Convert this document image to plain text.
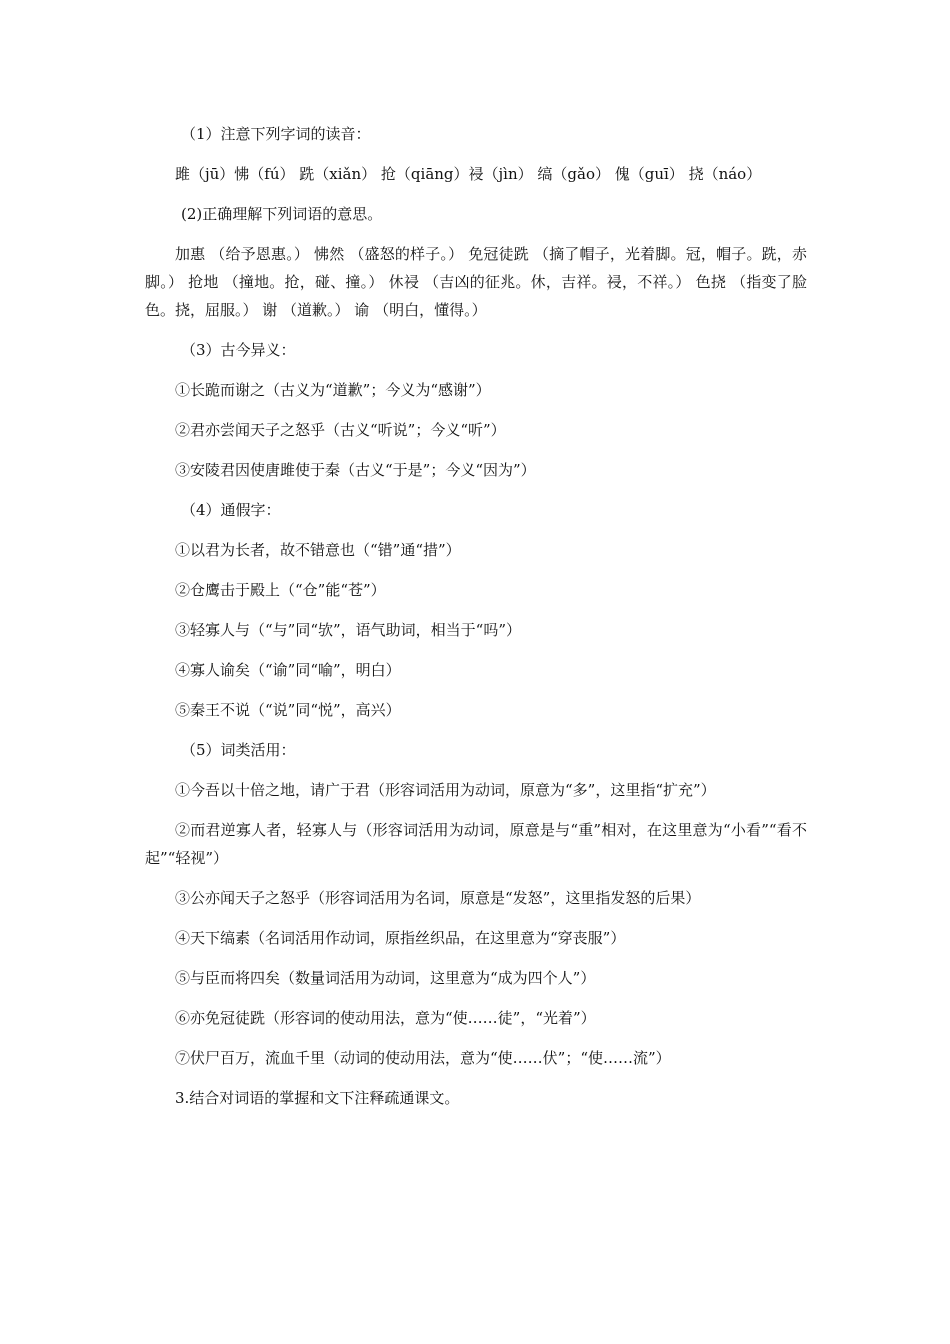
（1）注意下列字词的读音：

雎（jū）怫（fú） 跣（xiǎn） 抢（qiāng）祲（jìn） 缟（gǎo） 傀（guī） 挠（náo）

(2)正确理解下列词语的意思。

加惠 （给予恩惠。） 怫然 （盛怒的样子。） 免冠徒跣 （摘了帽子，光着脚。冠，帽子。跣，赤脚。） 抢地 （撞地。抢，碰、撞。） 休祲 （吉凶的征兆。休，吉祥。祲，不祥。） 色挠 （指变了脸色。挠，屈服。） 谢 （道歉。） 谕 （明白，懂得。）

（3）古今异义：

①长跪而谢之（古义为“道歉”；今义为“感谢”）

②君亦尝闻天子之怒乎（古义“听说”；今义“听”）

③安陵君因使唐雎使于秦（古义“于是”；今义“因为”）

（4）通假字：

①以君为长者，故不错意也（“错”通“措”）

②仓鹰击于殿上（“仓”能“苍”）

③轻寡人与（“与”同“欤”，语气助词，相当于“吗”）

④寡人谕矣（“谕”同“喻”，明白）

⑤秦王不说（“说”同“悦”，高兴）

（5）词类活用：

①今吾以十倍之地，请广于君（形容词活用为动词，原意为“多”，这里指“扩充”）

②而君逆寡人者，轻寡人与（形容词活用为动词，原意是与“重”相对，在这里意为“小看”“看不起”“轻视”）

③公亦闻天子之怒乎（形容词活用为名词，原意是“发怒”，这里指发怒的后果）

④天下缟素（名词活用作动词，原指丝织品，在这里意为“穿丧服”）

⑤与臣而将四矣（数量词活用为动词，这里意为“成为四个人”）

⑥亦免冠徒跣（形容词的使动用法，意为“使……徒”，“光着”）

⑦伏尸百万，流血千里（动词的使动用法，意为“使……伏”；“使……流”）

3.结合对词语的掌握和文下注释疏通课文。
